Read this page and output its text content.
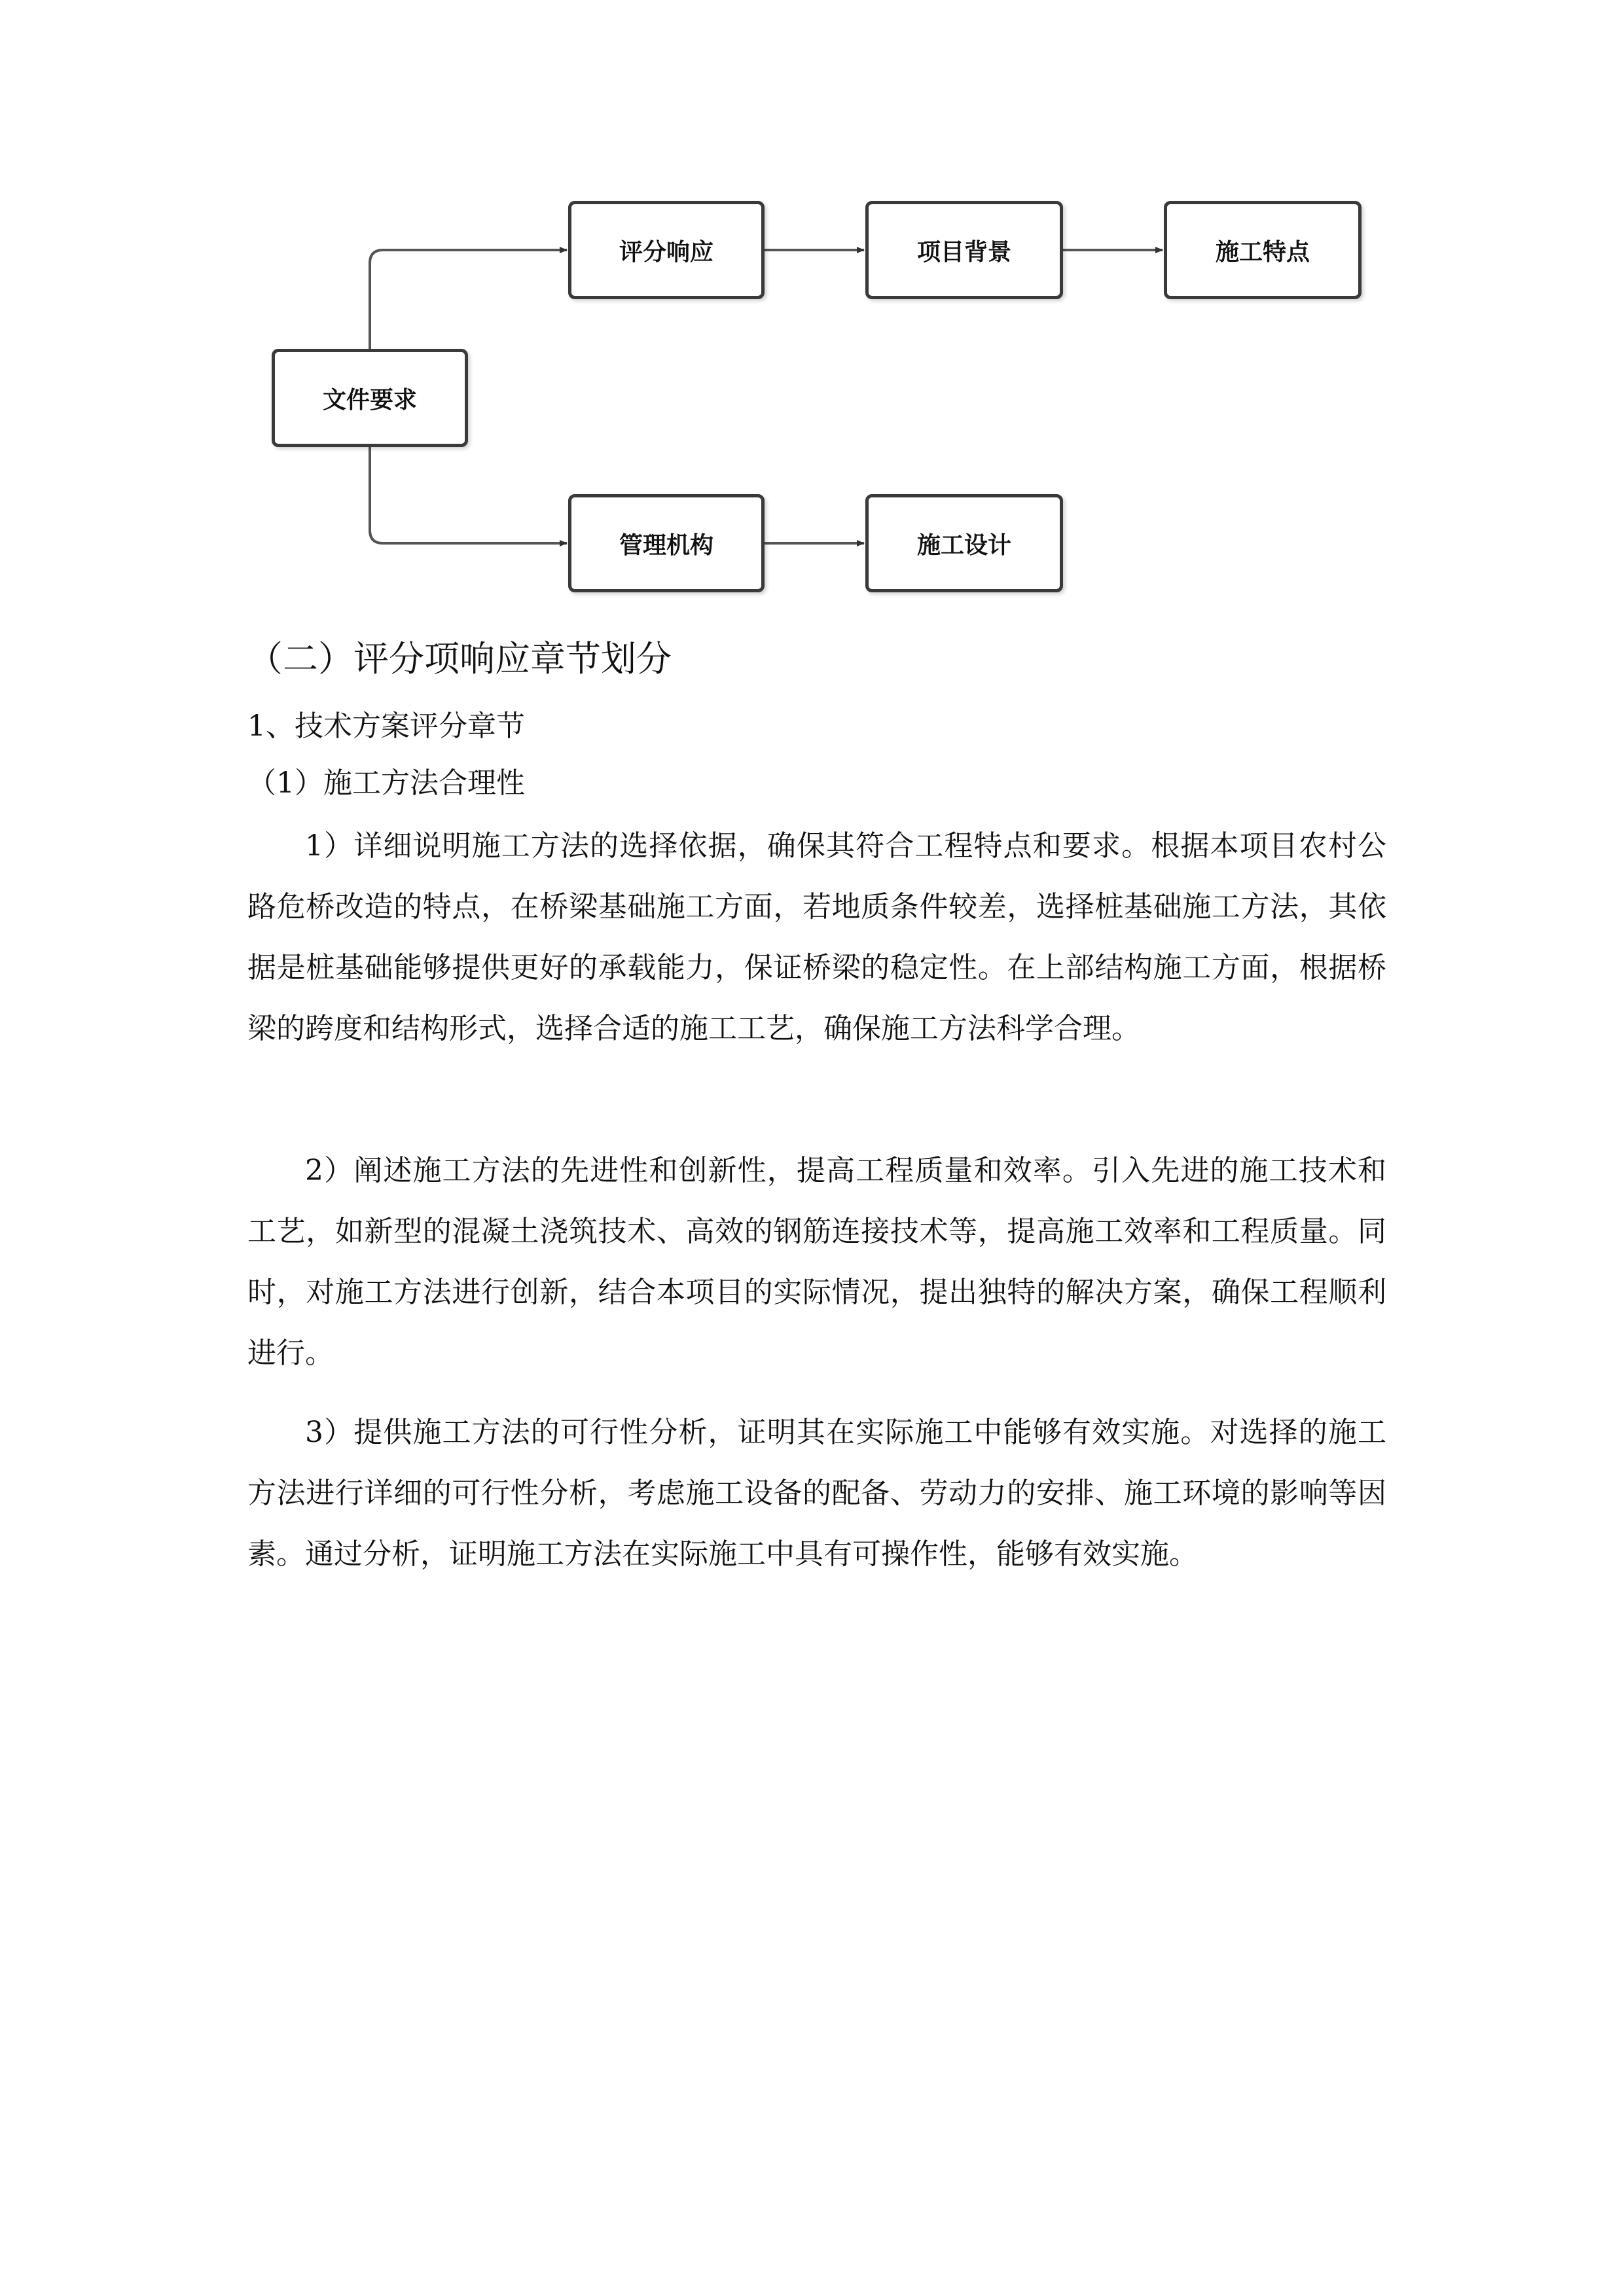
文件要求
评分响应	项目背景	施工特点
管理机构	施工设计
（二）评分项响应章节划分
1、技术方案评分章节
（1）施工方法合理性

1）详细说明施工方法的选择依据，确保其符合工程特点和要求。根据本项目农村公路危桥改造的特点，在桥梁基础施工方面，若地质条件较差，选择桩基础施工方法，其依据是桩基础能够提供更好的承载能力，保证桥梁的稳定性。在上部结构施工方面，根据桥梁的跨度和结构形式，选择合适的施工工艺，确保施工方法科学合理。

2）阐述施工方法的先进性和创新性，提高工程质量和效率。引入先进的施工技术和工艺，如新型的混凝土浇筑技术、高效的钢筋连接技术等，提高施工效率和工程质量。同时，对施工方法进行创新，结合本项目的实际情况，提出独特的解决方案，确保工程顺利进行。

3）提供施工方法的可行性分析，证明其在实际施工中能够有效实施。对选择的施工方法进行详细的可行性分析，考虑施工设备的配备、劳动力的安排、施工环境的影响等因素。通过分析，证明施工方法在实际施工中具有可操作性，能够有效实施。
